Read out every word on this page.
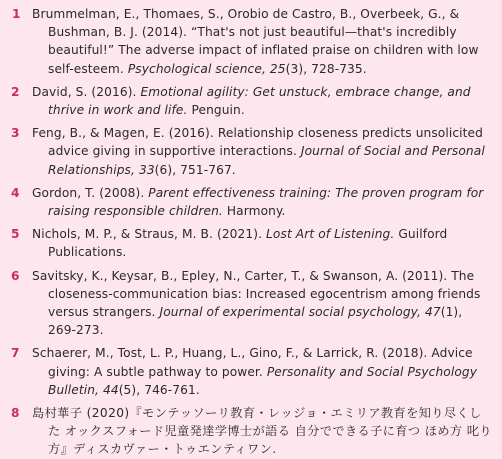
1 Brummelman, E., Thomaes, S., Orobio de Castro, B., Overbeek, G., & Bushman, B. J. (2014). “That's not just beautiful—that's incredibly beautiful!” The adverse impact of inflated praise on children with low self-esteem. Psychological science, 25(3), 728-735.
2 David, S. (2016). Emotional agility: Get unstuck, embrace change, and thrive in work and life. Penguin.
3 Feng, B., & Magen, E. (2016). Relationship closeness predicts unsolicited advice giving in supportive interactions. Journal of Social and Personal Relationships, 33(6), 751-767.
4 Gordon, T. (2008). Parent effectiveness training: The proven program for raising responsible children. Harmony.
5 Nichols, M. P., & Straus, M. B. (2021). Lost Art of Listening. Guilford Publications.
6 Savitsky, K., Keysar, B., Epley, N., Carter, T., & Swanson, A. (2011). The closeness-communication bias: Increased egocentrism among friends versus strangers. Journal of experimental social psychology, 47(1), 269-273.
7 Schaerer, M., Tost, L. P., Huang, L., Gino, F., & Larrick, R. (2018). Advice giving: A subtle pathway to power. Personality and Social Psychology Bulletin, 44(5), 746-761.
8 島村華子 (2020)『モンテッソーリ教育・レッジョ・エミリア教育を知り尽くした オックスフォード児童発達学博士が語る 自分でできる子に育つ ほめ方 叱り方』ディスカヴァー・トゥエンティワン.
